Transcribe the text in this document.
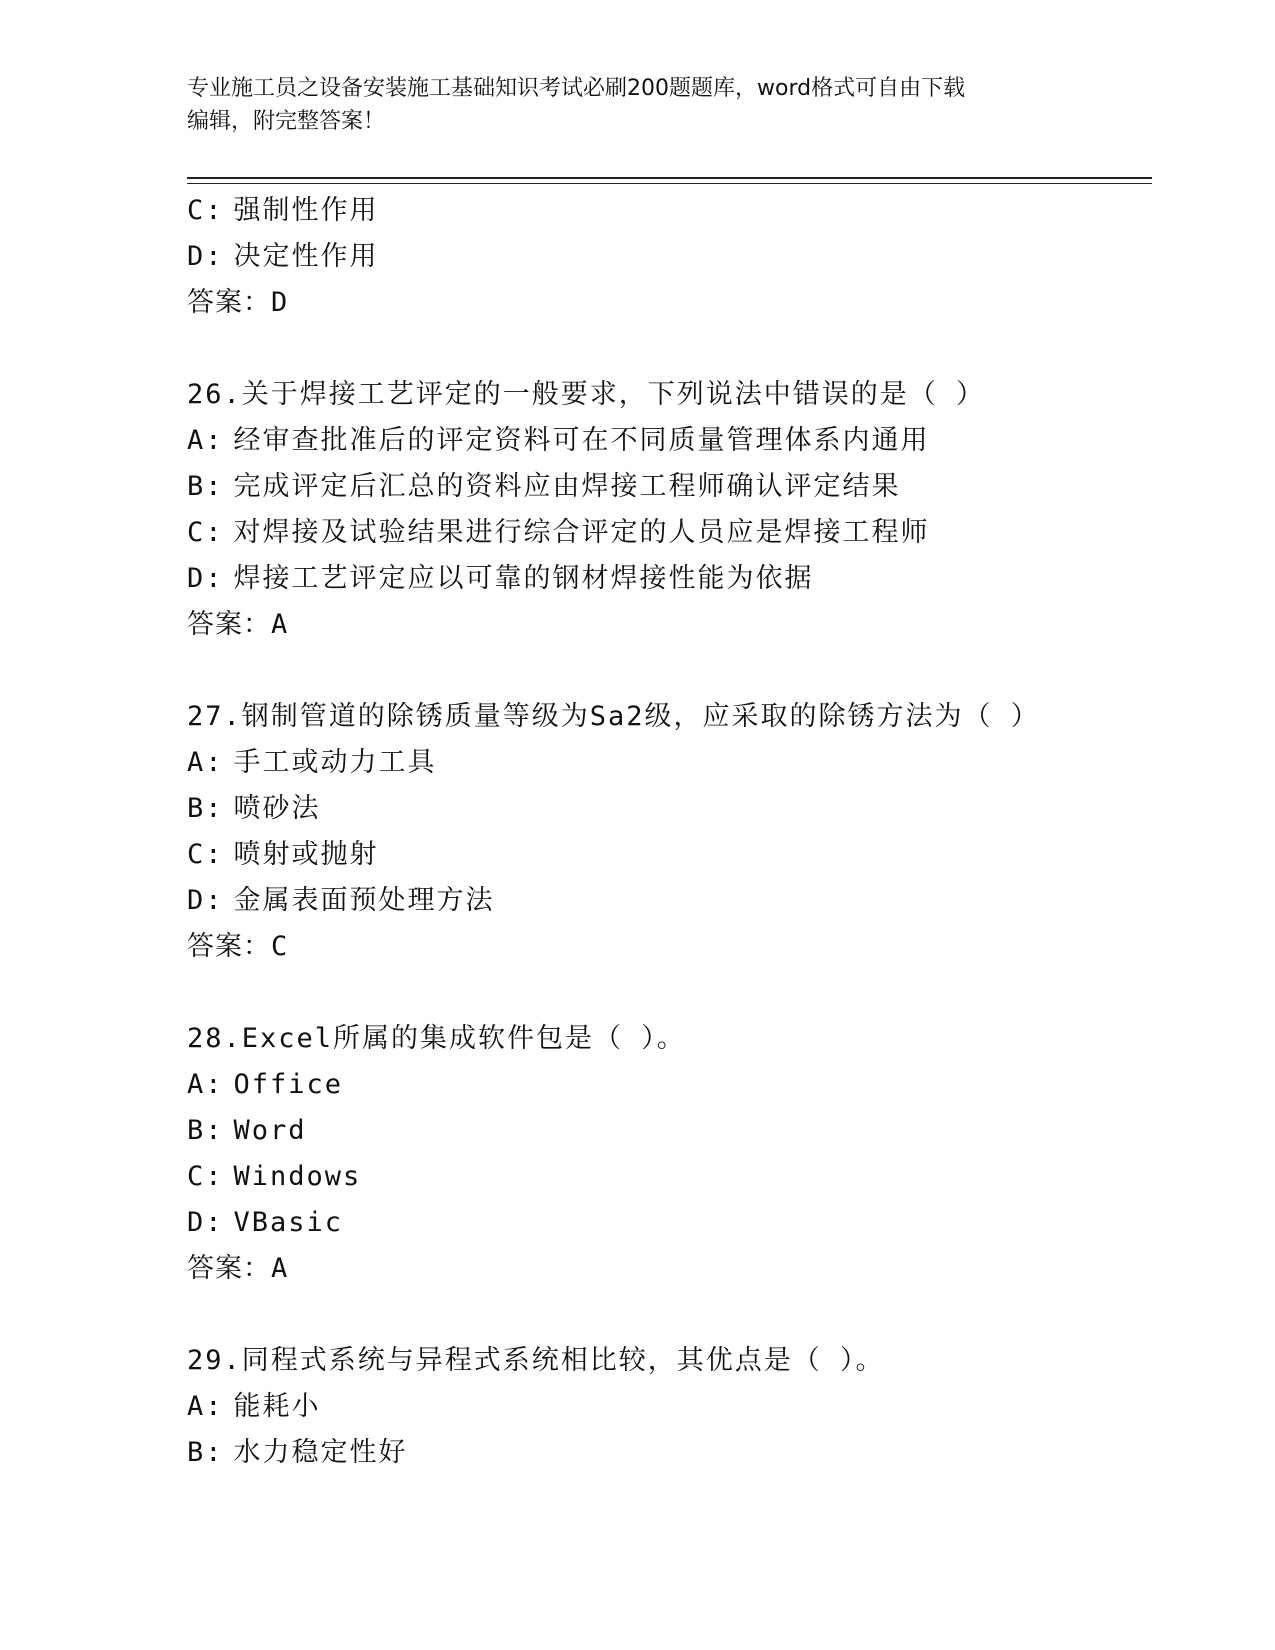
专业施工员之设备安装施工基础知识考试必刷200题题库，word格式可自由下载
编辑，附完整答案！
C: 强制性作用
D: 决定性作用
答案：D
26.关于焊接工艺评定的一般要求，下列说法中错误的是（ ）
A: 经审查批准后的评定资料可在不同质量管理体系内通用
B: 完成评定后汇总的资料应由焊接工程师确认评定结果
C: 对焊接及试验结果进行综合评定的人员应是焊接工程师
D: 焊接工艺评定应以可靠的钢材焊接性能为依据
答案：A
27.钢制管道的除锈质量等级为Sa2级，应采取的除锈方法为（ ）
A: 手工或动力工具
B: 喷砂法
C: 喷射或抛射
D: 金属表面预处理方法
答案：C
28.Excel所属的集成软件包是（ ）。
A: Office
B: Word
C: Windows
D: VBasic
答案：A
29.同程式系统与异程式系统相比较，其优点是（ ）。
A: 能耗小
B: 水力稳定性好
